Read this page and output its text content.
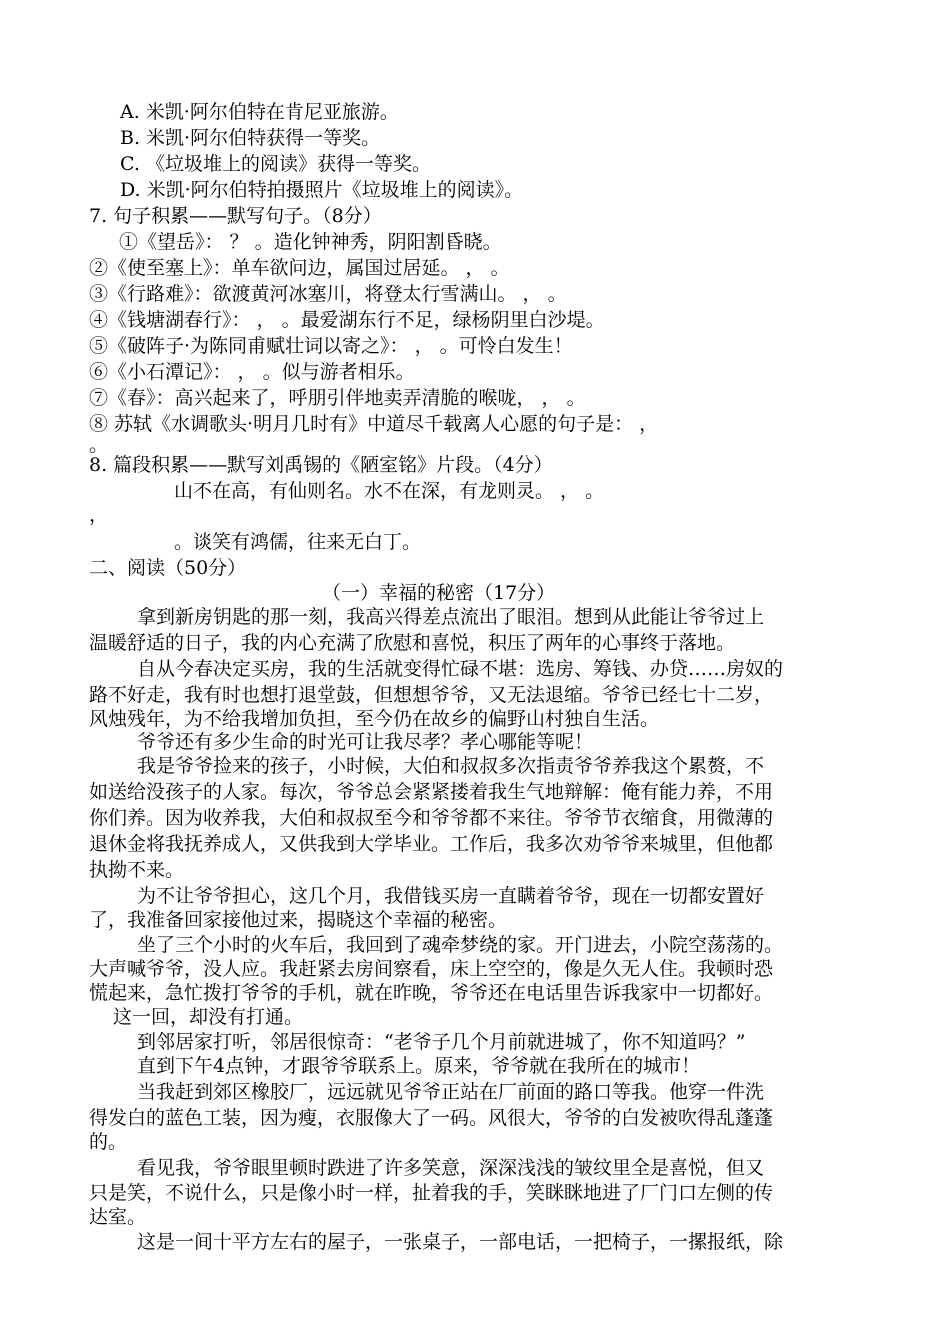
A. 米凯·阿尔伯特在肯尼亚旅游。
B. 米凯·阿尔伯特获得一等奖。
C. 《垃圾堆上的阅读》获得一等奖。
D. 米凯·阿尔伯特拍摄照片《垃圾堆上的阅读》。
7. 句子积累——默写句子。（8分）
①《望岳》： ？ 。造化钟神秀，阴阳割昏晓。
②《使至塞上》：单车欲问边，属国过居延。 ， 。
③《行路难》：欲渡黄河冰塞川，将登太行雪满山。 ， 。
④《钱塘湖春行》： ， 。最爱湖东行不足，绿杨阴里白沙堤。
⑤《破阵子·为陈同甫赋壮词以寄之》： ， 。可怜白发生！
⑥《小石潭记》： ， 。似与游者相乐。
⑦《春》：高兴起来了，呼朋引伴地卖弄清脆的喉咙， ， 。
⑧ 苏轼《水调歌头·明月几时有》中道尽千载离人心愿的句子是： ，
。
8. 篇段积累——默写刘禹锡的《陋室铭》片段。（4分）
山不在高，有仙则名。水不在深，有龙则灵。 ， 。
，
。谈笑有鸿儒，往来无白丁。
二、阅读（50分）
（一）幸福的秘密（17分）
拿到新房钥匙的那一刻，我高兴得差点流出了眼泪。想到从此能让爷爷过上
温暖舒适的日子，我的内心充满了欣慰和喜悦，积压了两年的心事终于落地。
自从今春决定买房，我的生活就变得忙碌不堪：选房、筹钱、办贷……房奴的
路不好走，我有时也想打退堂鼓，但想想爷爷，又无法退缩。爷爷已经七十二岁，
风烛残年，为不给我增加负担，至今仍在故乡的偏野山村独自生活。
爷爷还有多少生命的时光可让我尽孝？孝心哪能等呢！
我是爷爷捡来的孩子，小时候，大伯和叔叔多次指责爷爷养我这个累赘，不
如送给没孩子的人家。每次，爷爷总会紧紧搂着我生气地辩解：俺有能力养，不用
你们养。因为收养我，大伯和叔叔至今和爷爷都不来往。爷爷节衣缩食，用微薄的
退休金将我抚养成人，又供我到大学毕业。工作后，我多次劝爷爷来城里，但他都
执拗不来。
为不让爷爷担心，这几个月，我借钱买房一直瞒着爷爷，现在一切都安置好
了，我准备回家接他过来，揭晓这个幸福的秘密。
坐了三个小时的火车后，我回到了魂牵梦绕的家。开门进去，小院空荡荡的。
大声喊爷爷，没人应。我赶紧去房间察看，床上空空的，像是久无人住。我顿时恐
慌起来，急忙拨打爷爷的手机，就在昨晚，爷爷还在电话里告诉我家中一切都好。
这一回，却没有打通。
到邻居家打听，邻居很惊奇：“老爷子几个月前就进城了，你不知道吗？”
直到下午4点钟，才跟爷爷联系上。原来，爷爷就在我所在的城市！
当我赶到郊区橡胶厂，远远就见爷爷正站在厂前面的路口等我。他穿一件洗
得发白的蓝色工装，因为瘦，衣服像大了一码。风很大，爷爷的白发被吹得乱蓬蓬
的。
看见我，爷爷眼里顿时跌进了许多笑意，深深浅浅的皱纹里全是喜悦，但又
只是笑，不说什么，只是像小时一样，扯着我的手，笑眯眯地进了厂门口左侧的传
达室。
这是一间十平方左右的屋子，一张桌子，一部电话，一把椅子，一摞报纸，除
